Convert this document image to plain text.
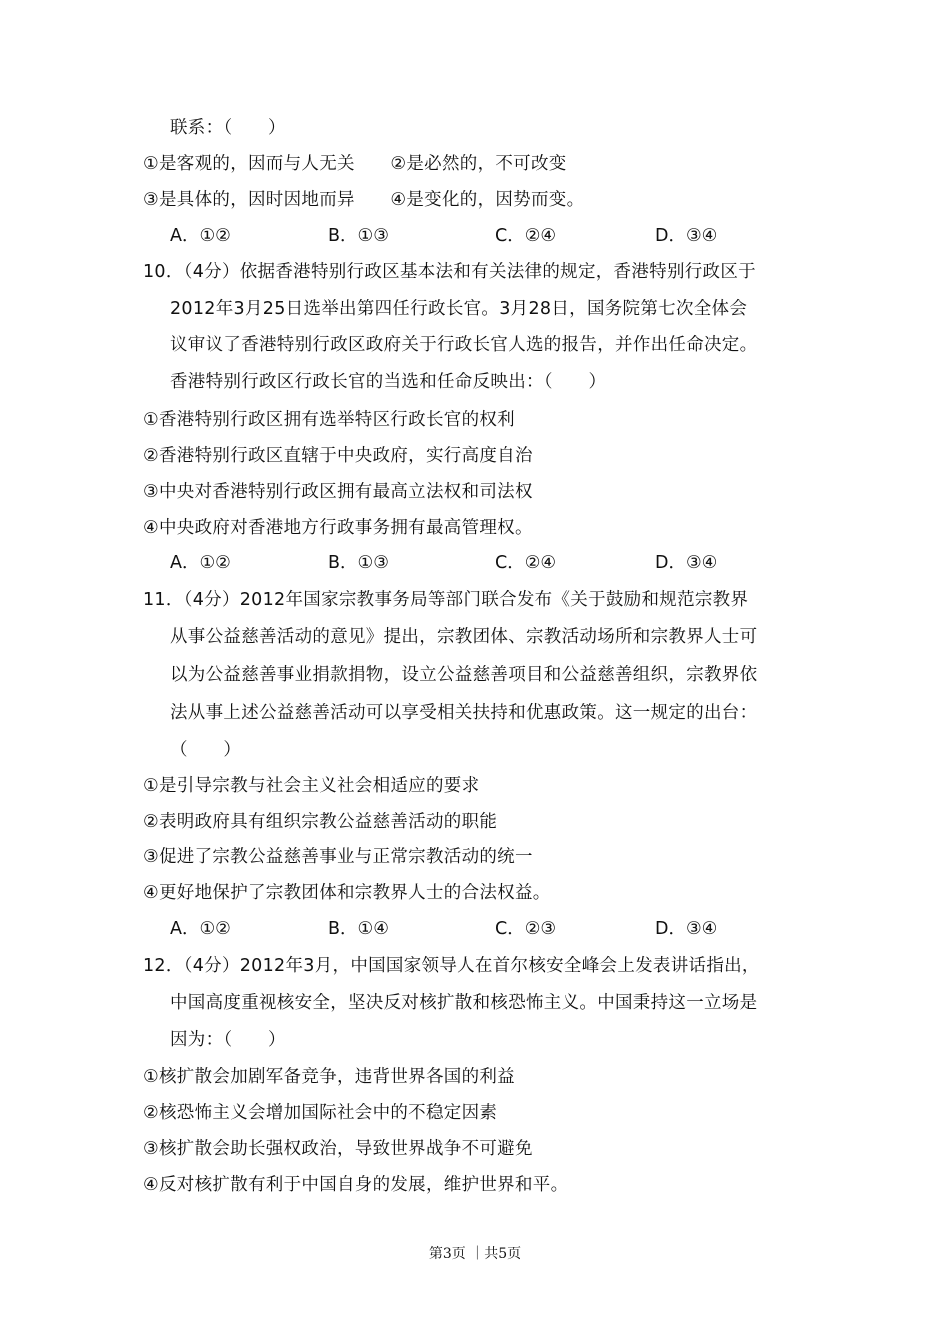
联系：（　　）
①是客观的，因而与人无关　　②是必然的，不可改变
③是具体的，因时因地而异　　④是变化的，因势而变。
A．①②	B．①③	C．②④	D．③④
10．（4分）依据香港特别行政区基本法和有关法律的规定，香港特别行政区于
2012年3月25日选举出第四任行政长官。3月28日，国务院第七次全体会
议审议了香港特别行政区政府关于行政长官人选的报告，并作出任命决定。
香港特别行政区行政长官的当选和任命反映出：（　　）
①香港特别行政区拥有选举特区行政长官的权利
②香港特别行政区直辖于中央政府，实行高度自治
③中央对香港特别行政区拥有最高立法权和司法权
④中央政府对香港地方行政事务拥有最高管理权。
A．①②	B．①③	C．②④	D．③④
11．（4分）2012年国家宗教事务局等部门联合发布《关于鼓励和规范宗教界
从事公益慈善活动的意见》提出，宗教团体、宗教活动场所和宗教界人士可
以为公益慈善事业捐款捐物，设立公益慈善项目和公益慈善组织，宗教界依
法从事上述公益慈善活动可以享受相关扶持和优惠政策。这一规定的出台：
（　　）
①是引导宗教与社会主义社会相适应的要求
②表明政府具有组织宗教公益慈善活动的职能
③促进了宗教公益慈善事业与正常宗教活动的统一
④更好地保护了宗教团体和宗教界人士的合法权益。
A．①②	B．①④	C．②③	D．③④
12．（4分）2012年3月，中国国家领导人在首尔核安全峰会上发表讲话指出，
中国高度重视核安全，坚决反对核扩散和核恐怖主义。中国秉持这一立场是
因为：（　　）
①核扩散会加剧军备竞争，违背世界各国的利益
②核恐怖主义会增加国际社会中的不稳定因素
③核扩散会助长强权政治，导致世界战争不可避免
④反对核扩散有利于中国自身的发展，维护世界和平。
第3页 ｜共5页
